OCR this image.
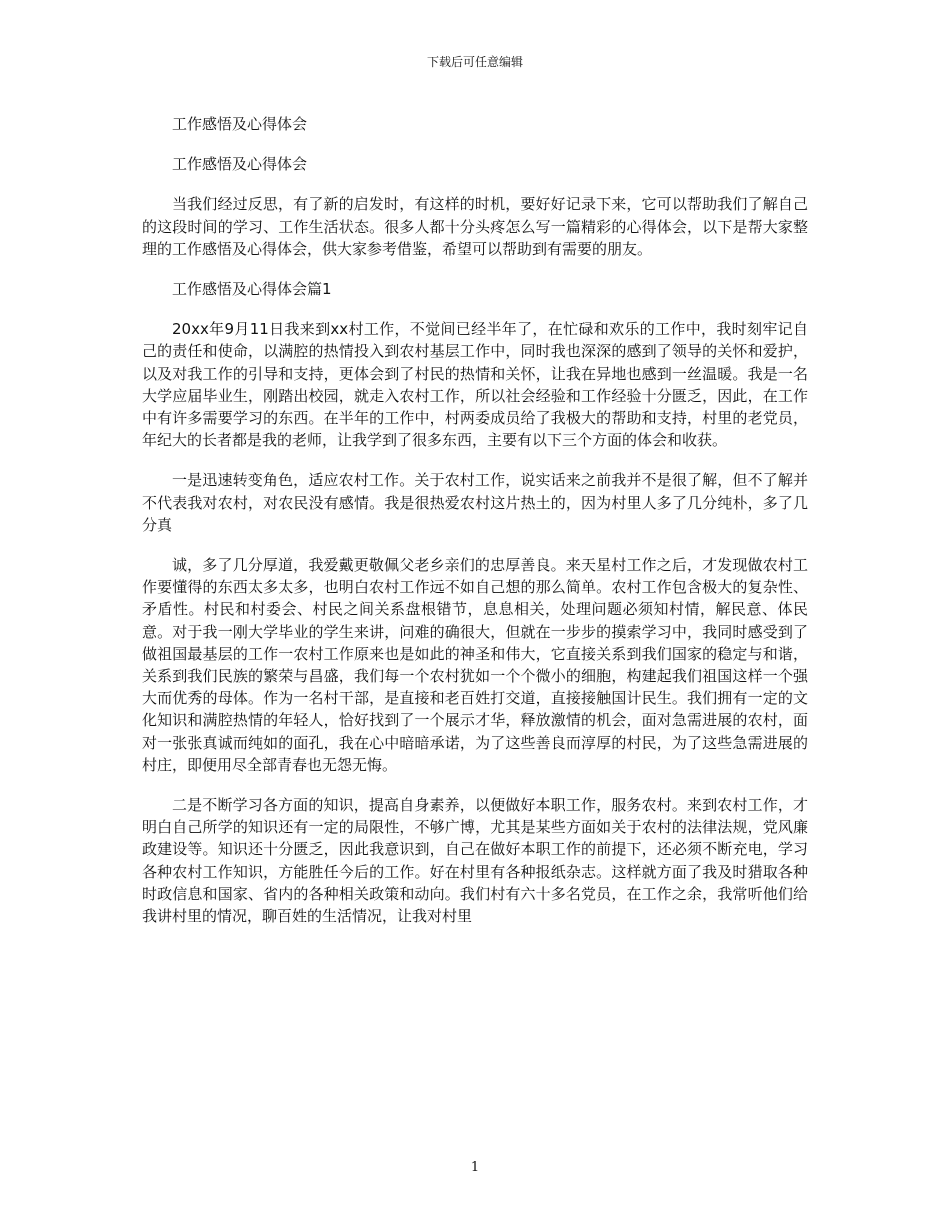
下载后可任意编辑

工作感悟及心得体会

工作感悟及心得体会

当我们经过反思，有了新的启发时，有这样的时机，要好好记录下来，它可以帮助我们了解自己的这段时间的学习、工作生活状态。很多人都十分头疼怎么写一篇精彩的心得体会，以下是帮大家整理的工作感悟及心得体会，供大家参考借鉴，希望可以帮助到有需要的朋友。

工作感悟及心得体会篇1

20xx年9月11日我来到xx村工作，不觉间已经半年了，在忙碌和欢乐的工作中，我时刻牢记自己的责任和使命，以满腔的热情投入到农村基层工作中，同时我也深深的感到了领导的关怀和爱护，以及对我工作的引导和支持，更体会到了村民的热情和关怀，让我在异地也感到一丝温暖。我是一名大学应届毕业生，刚踏出校园，就走入农村工作，所以社会经验和工作经验十分匮乏，因此，在工作中有许多需要学习的东西。在半年的工作中，村两委成员给了我极大的帮助和支持，村里的老党员，年纪大的长者都是我的老师，让我学到了很多东西，主要有以下三个方面的体会和收获。

一是迅速转变角色，适应农村工作。关于农村工作，说实话来之前我并不是很了解，但不了解并不代表我对农村，对农民没有感情。我是很热爱农村这片热土的，因为村里人多了几分纯朴，多了几分真

诚，多了几分厚道，我爱戴更敬佩父老乡亲们的忠厚善良。来天星村工作之后，才发现做农村工作要懂得的东西太多太多，也明白农村工作远不如自己想的那么简单。农村工作包含极大的复杂性、矛盾性。村民和村委会、村民之间关系盘根错节，息息相关，处理问题必须知村情，解民意、体民意。对于我一刚大学毕业的学生来讲，问难的确很大，但就在一步步的摸索学习中，我同时感受到了做祖国最基层的工作一农村工作原来也是如此的神圣和伟大，它直接关系到我们国家的稳定与和谐，关系到我们民族的繁荣与昌盛，我们每一个农村犹如一个个微小的细胞，构建起我们祖国这样一个强大而优秀的母体。作为一名村干部，是直接和老百姓打交道，直接接触国计民生。我们拥有一定的文化知识和满腔热情的年轻人，恰好找到了一个展示才华，释放激情的机会，面对急需进展的农村，面对一张张真诚而纯如的面孔，我在心中暗暗承诺，为了这些善良而淳厚的村民，为了这些急需进展的村庄，即便用尽全部青春也无怨无悔。

二是不断学习各方面的知识，提高自身素养，以便做好本职工作，服务农村。来到农村工作，才明白自己所学的知识还有一定的局限性，不够广博，尤其是某些方面如关于农村的法律法规，党风廉政建设等。知识还十分匮乏，因此我意识到，自己在做好本职工作的前提下，还必须不断充电，学习各种农村工作知识，方能胜任今后的工作。好在村里有各种报纸杂志。这样就方面了我及时猎取各种时政信息和国家、省内的各种相关政策和动向。我们村有六十多名党员，在工作之余，我常听他们给我讲村里的情况，聊百姓的生活情况，让我对村里

1
